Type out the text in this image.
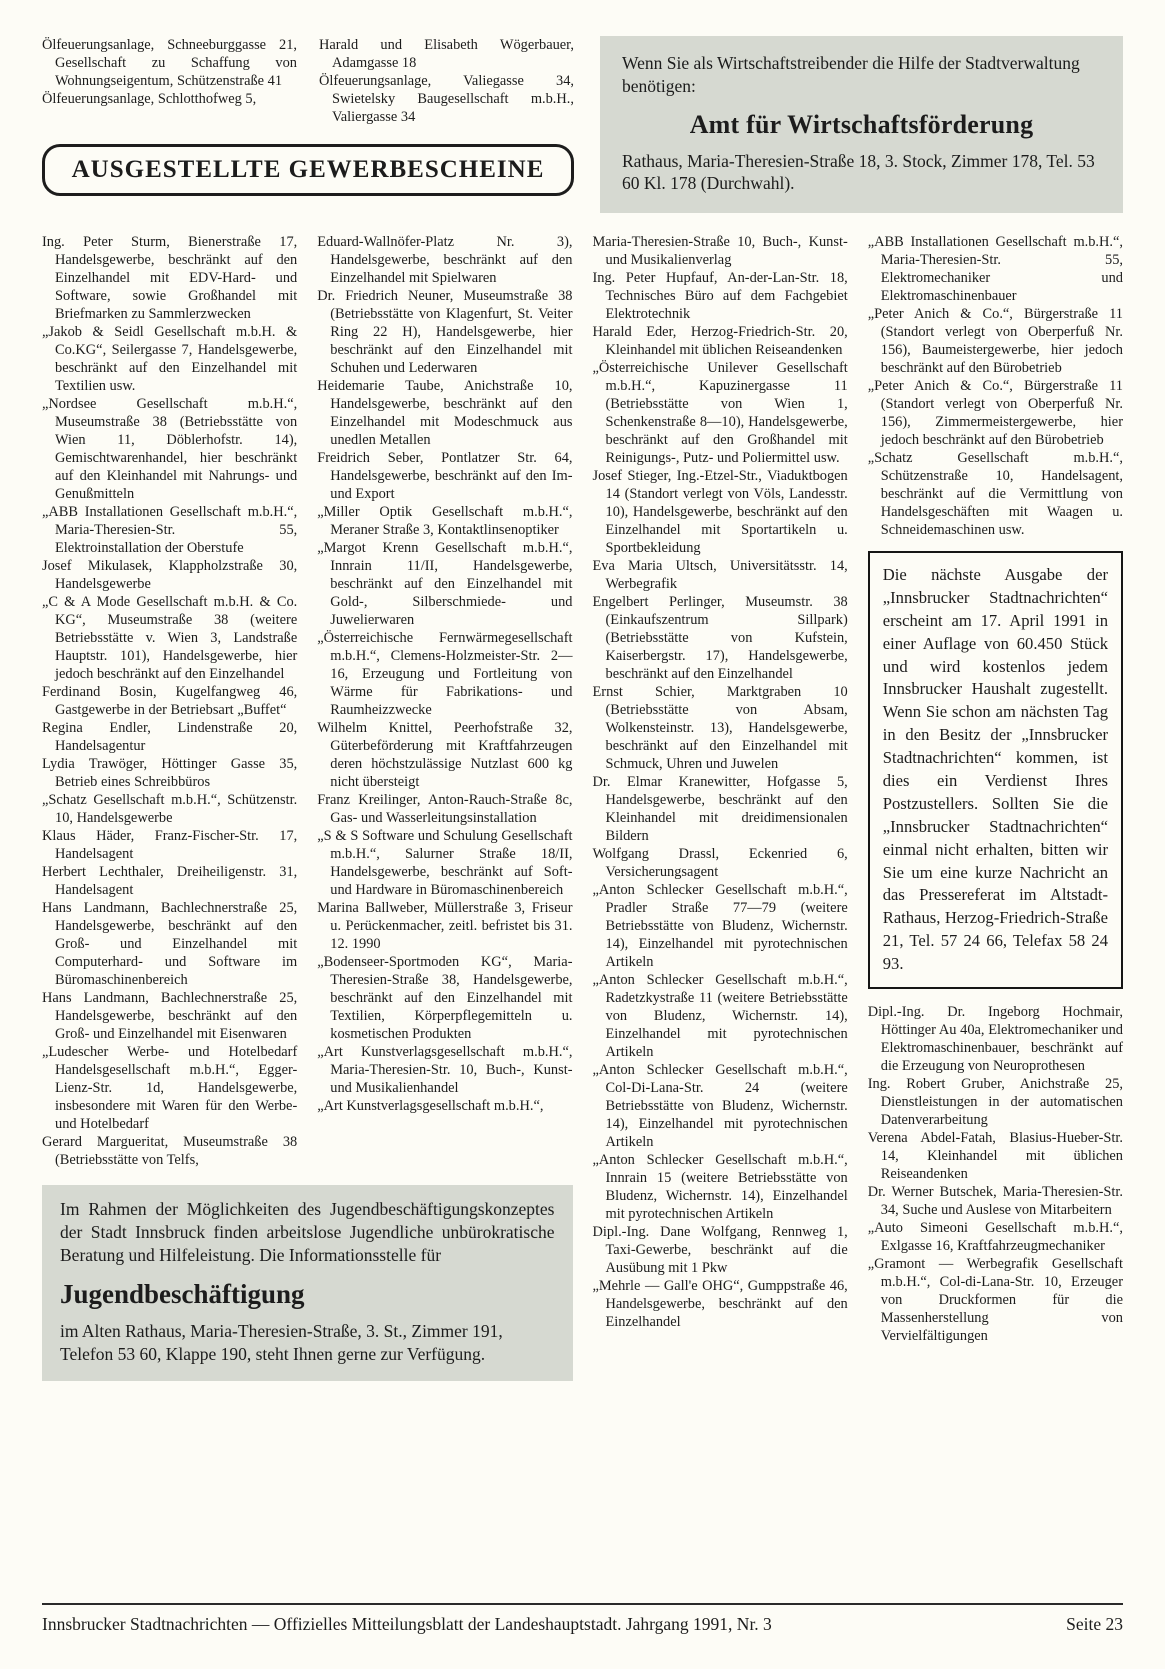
Ölfeuerungsanlage, Schneeburggasse 21, Gesellschaft zu Schaffung von Wohnungseigentum, Schützenstraße 41

Ölfeuerungsanlage, Schlotthofweg 5,

Harald und Elisabeth Wögerbauer, Adamgasse 18

Ölfeuerungsanlage, Valiegasse 34, Swietelsky Baugesellschaft m.b.H., Valiergasse 34

AUSGESTELLTE GEWERBESCHEINE

Wenn Sie als Wirtschaftstreibender die Hilfe der Stadtverwaltung benötigen:

Amt für Wirtschaftsförderung

Rathaus, Maria-Theresien-Straße 18, 3. Stock, Zimmer 178, Tel. 53 60 Kl. 178 (Durchwahl).

Ing. Peter Sturm, Bienerstraße 17, Handelsgewerbe, beschränkt auf den Einzelhandel mit EDV-Hard- und Software, sowie Großhandel mit Briefmarken zu Sammlerzwecken

„Jakob & Seidl Gesellschaft m.b.H. & Co.KG“, Seilergasse 7, Handelsgewerbe, beschränkt auf den Einzelhandel mit Textilien usw.

„Nordsee Gesellschaft m.b.H.“, Museumstraße 38 (Betriebsstätte von Wien 11, Döblerhofstr. 14), Gemischtwarenhandel, hier beschränkt auf den Kleinhandel mit Nahrungs- und Genußmitteln

„ABB Installationen Gesellschaft m.b.H.“, Maria-Theresien-Str. 55, Elektroinstallation der Oberstufe

Josef Mikulasek, Klappholzstraße 30, Handelsgewerbe

„C & A Mode Gesellschaft m.b.H. & Co. KG“, Museumstraße 38 (weitere Betriebsstätte v. Wien 3, Landstraße Hauptstr. 101), Handelsgewerbe, hier jedoch beschränkt auf den Einzelhandel

Ferdinand Bosin, Kugelfangweg 46, Gastgewerbe in der Betriebsart „Buffet“

Regina Endler, Lindenstraße 20, Handelsagentur

Lydia Trawöger, Höttinger Gasse 35, Betrieb eines Schreibbüros

„Schatz Gesellschaft m.b.H.“, Schützenstr. 10, Handelsgewerbe

Klaus Häder, Franz-Fischer-Str. 17, Handelsagent

Herbert Lechthaler, Dreiheiligenstr. 31, Handelsagent

Hans Landmann, Bachlechnerstraße 25, Handelsgewerbe, beschränkt auf den Groß- und Einzelhandel mit Computerhard- und Software im Büromaschinenbereich

Hans Landmann, Bachlechnerstraße 25, Handelsgewerbe, beschränkt auf den Groß- und Einzelhandel mit Eisenwaren

„Ludescher Werbe- und Hotelbedarf Handelsgesellschaft m.b.H.“, Egger-Lienz-Str. 1d, Handelsgewerbe, insbesondere mit Waren für den Werbe- und Hotelbedarf

Gerard Margueritat, Museumstraße 38 (Betriebsstätte von Telfs,

Eduard-Wallnöfer-Platz Nr. 3), Handelsgewerbe, beschränkt auf den Einzelhandel mit Spielwaren

Dr. Friedrich Neuner, Museumstraße 38 (Betriebsstätte von Klagenfurt, St. Veiter Ring 22 H), Handelsgewerbe, hier beschränkt auf den Einzelhandel mit Schuhen und Lederwaren

Heidemarie Taube, Anichstraße 10, Handelsgewerbe, beschränkt auf den Einzelhandel mit Modeschmuck aus unedlen Metallen

Freidrich Seber, Pontlatzer Str. 64, Handelsgewerbe, beschränkt auf den Im- und Export

„Miller Optik Gesellschaft m.b.H.“, Meraner Straße 3, Kontaktlinsenoptiker

„Margot Krenn Gesellschaft m.b.H.“, Innrain 11/II, Handelsgewerbe, beschränkt auf den Einzelhandel mit Gold-, Silberschmiede- und Juwelierwaren

„Österreichische Fernwärmegesellschaft m.b.H.“, Clemens-Holzmeister-Str. 2—16, Erzeugung und Fortleitung von Wärme für Fabrikations- und Raumheizzwecke

Wilhelm Knittel, Peerhofstraße 32, Güterbeförderung mit Kraftfahrzeugen deren höchstzulässige Nutzlast 600 kg nicht übersteigt

Franz Kreilinger, Anton-Rauch-Straße 8c, Gas- und Wasserleitungsinstallation

„S & S Software und Schulung Gesellschaft m.b.H.“, Salurner Straße 18/II, Handelsgewerbe, beschränkt auf Soft- und Hardware in Büromaschinenbereich

Marina Ballweber, Müllerstraße 3, Friseur u. Perückenmacher, zeitl. befristet bis 31. 12. 1990

„Bodenseer-Sportmoden KG“, Maria-Theresien-Straße 38, Handelsgewerbe, beschränkt auf den Einzelhandel mit Textilien, Körperpflegemitteln u. kosmetischen Produkten

„Art Kunstverlagsgesellschaft m.b.H.“, Maria-Theresien-Str. 10, Buch-, Kunst- und Musikalienhandel

„Art Kunstverlagsgesellschaft m.b.H.“,

Maria-Theresien-Straße 10, Buch-, Kunst- und Musikalienverlag

Ing. Peter Hupfauf, An-der-Lan-Str. 18, Technisches Büro auf dem Fachgebiet Elektrotechnik

Harald Eder, Herzog-Friedrich-Str. 20, Kleinhandel mit üblichen Reiseandenken

„Österreichische Unilever Gesellschaft m.b.H.“, Kapuzinergasse 11 (Betriebsstätte von Wien 1, Schenkenstraße 8—10), Handelsgewerbe, beschränkt auf den Großhandel mit Reinigungs-, Putz- und Poliermittel usw.

Josef Stieger, Ing.-Etzel-Str., Viaduktbogen 14 (Standort verlegt von Völs, Landesstr. 10), Handelsgewerbe, beschränkt auf den Einzelhandel mit Sportartikeln u. Sportbekleidung

Eva Maria Ultsch, Universitätsstr. 14, Werbegrafik

Engelbert Perlinger, Museumstr. 38 (Einkaufszentrum Sillpark) (Betriebsstätte von Kufstein, Kaiserbergstr. 17), Handelsgewerbe, beschränkt auf den Einzelhandel

Ernst Schier, Marktgraben 10 (Betriebsstätte von Absam, Wolkensteinstr. 13), Handelsgewerbe, beschränkt auf den Einzelhandel mit Schmuck, Uhren und Juwelen

Dr. Elmar Kranewitter, Hofgasse 5, Handelsgewerbe, beschränkt auf den Kleinhandel mit dreidimensionalen Bildern

Wolfgang Drassl, Eckenried 6, Versicherungsagent

„Anton Schlecker Gesellschaft m.b.H.“, Pradler Straße 77—79 (weitere Betriebsstätte von Bludenz, Wichernstr. 14), Einzelhandel mit pyrotechnischen Artikeln

„Anton Schlecker Gesellschaft m.b.H.“, Radetzkystraße 11 (weitere Betriebsstätte von Bludenz, Wichernstr. 14), Einzelhandel mit pyrotechnischen Artikeln

„Anton Schlecker Gesellschaft m.b.H.“, Col-Di-Lana-Str. 24 (weitere Betriebsstätte von Bludenz, Wichernstr. 14), Einzelhandel mit pyrotechnischen Artikeln

„Anton Schlecker Gesellschaft m.b.H.“, Innrain 15 (weitere Betriebsstätte von Bludenz, Wichernstr. 14), Einzelhandel mit pyrotechnischen Artikeln

Dipl.-Ing. Dane Wolfgang, Rennweg 1, Taxi-Gewerbe, beschränkt auf die Ausübung mit 1 Pkw

„Mehrle — Gall'e OHG“, Gumppstraße 46, Handelsgewerbe, beschränkt auf den Einzelhandel

„ABB Installationen Gesellschaft m.b.H.“, Maria-Theresien-Str. 55, Elektromechaniker und Elektromaschinenbauer

„Peter Anich & Co.“, Bürgerstraße 11 (Standort verlegt von Oberperfuß Nr. 156), Baumeistergewerbe, hier jedoch beschränkt auf den Bürobetrieb

„Peter Anich & Co.“, Bürgerstraße 11 (Standort verlegt von Oberperfuß Nr. 156), Zimmermeistergewerbe, hier jedoch beschränkt auf den Bürobetrieb

„Schatz Gesellschaft m.b.H.“, Schützenstraße 10, Handelsagent, beschränkt auf die Vermittlung von Handelsgeschäften mit Waagen u. Schneidemaschinen usw.

Die nächste Ausgabe der „Innsbrucker Stadtnachrichten“ erscheint am 17. April 1991 in einer Auflage von 60.450 Stück und wird kostenlos jedem Innsbrucker Haushalt zugestellt. Wenn Sie schon am nächsten Tag in den Besitz der „Innsbrucker Stadtnachrichten“ kommen, ist dies ein Verdienst Ihres Postzustellers. Sollten Sie die „Innsbrucker Stadtnachrichten“ einmal nicht erhalten, bitten wir Sie um eine kurze Nachricht an das Pressereferat im Altstadt-Rathaus, Herzog-Friedrich-Straße 21, Tel. 57 24 66, Telefax 58 24 93.

Dipl.-Ing. Dr. Ingeborg Hochmair, Höttinger Au 40a, Elektromechaniker und Elektromaschinenbauer, beschränkt auf die Erzeugung von Neuroprothesen

Ing. Robert Gruber, Anichstraße 25, Dienstleistungen in der automatischen Datenverarbeitung

Verena Abdel-Fatah, Blasius-Hueber-Str. 14, Kleinhandel mit üblichen Reiseandenken

Dr. Werner Butschek, Maria-Theresien-Str. 34, Suche und Auslese von Mitarbeitern

„Auto Simeoni Gesellschaft m.b.H.“, Exlgasse 16, Kraftfahrzeugmechaniker

„Gramont — Werbegrafik Gesellschaft m.b.H.“, Col-di-Lana-Str. 10, Erzeuger von Druckformen für die Massenherstellung von Vervielfältigungen

Im Rahmen der Möglichkeiten des Jugendbeschäftigungskonzeptes der Stadt Innsbruck finden arbeitslose Jugendliche unbürokratische Beratung und Hilfeleistung. Die Informationsstelle für

Jugendbeschäftigung

im Alten Rathaus, Maria-Theresien-Straße, 3. St., Zimmer 191, Telefon 53 60, Klappe 190, steht Ihnen gerne zur Verfügung.

Innsbrucker Stadtnachrichten — Offizielles Mitteilungsblatt der Landeshauptstadt. Jahrgang 1991, Nr. 3	Seite 23
